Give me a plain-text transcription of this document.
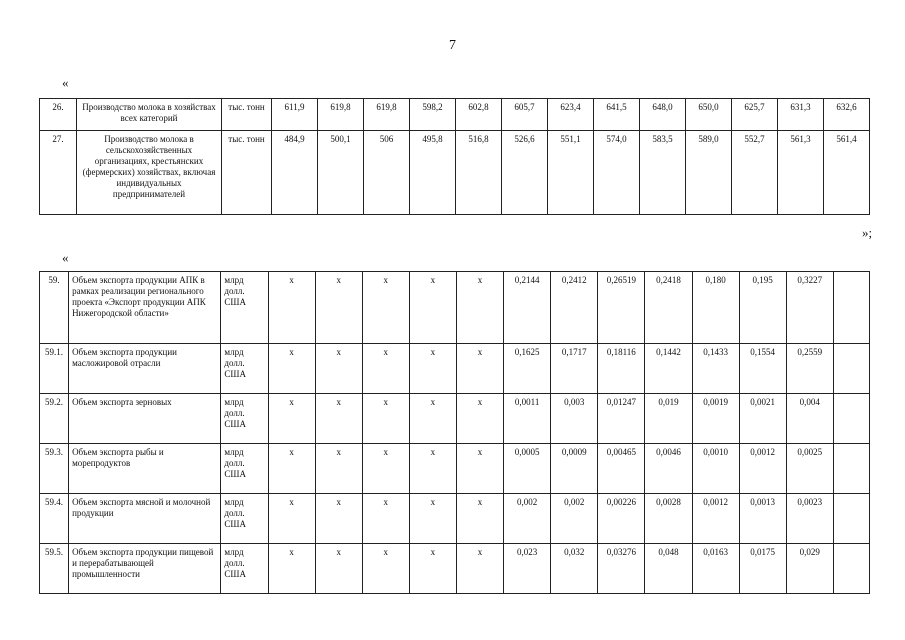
7
«
26.	Производство молока в хозяйствах всех категорий	тыс. тонн	611,9	619,8	619,8	598,2	602,8	605,7	623,4	641,5	648,0	650,0	625,7	631,3	632,6
27.	Производство молока в сельскохозяйственных организациях, крестьянских (фермерских) хозяйствах, включая индивидуальных предпринимателей	тыс. тонн	484,9	500,1	506	495,8	516,8	526,6	551,1	574,0	583,5	589,0	552,7	561,3	561,4
»;
«
59.	Объем экспорта продукции АПК в рамках реализации регионального проекта «Экспорт продукции АПК Нижегородской области»	млрд долл. США	х	х	х	х	х	0,2144	0,2412	0,26519	0,2418	0,180	0,195	0,3227	
59.1.	Объем экспорта продукции масложировой отрасли	млрд долл. США	х	х	х	х	х	0,1625	0,1717	0,18116	0,1442	0,1433	0,1554	0,2559	
59.2.	Объем экспорта зерновых	млрд долл. США	х	х	х	х	х	0,0011	0,003	0,01247	0,019	0,0019	0,0021	0,004	
59.3.	Объем экспорта рыбы и морепродуктов	млрд долл. США	х	х	х	х	х	0,0005	0,0009	0,00465	0,0046	0,0010	0,0012	0,0025	
59.4.	Объем экспорта мясной и молочной продукции	млрд долл. США	х	х	х	х	х	0,002	0,002	0,00226	0,0028	0,0012	0,0013	0,0023	
59.5.	Объем экспорта продукции пищевой и перерабатывающей промышленности	млрд долл. США	х	х	х	х	х	0,023	0,032	0,03276	0,048	0,0163	0,0175	0,029	
